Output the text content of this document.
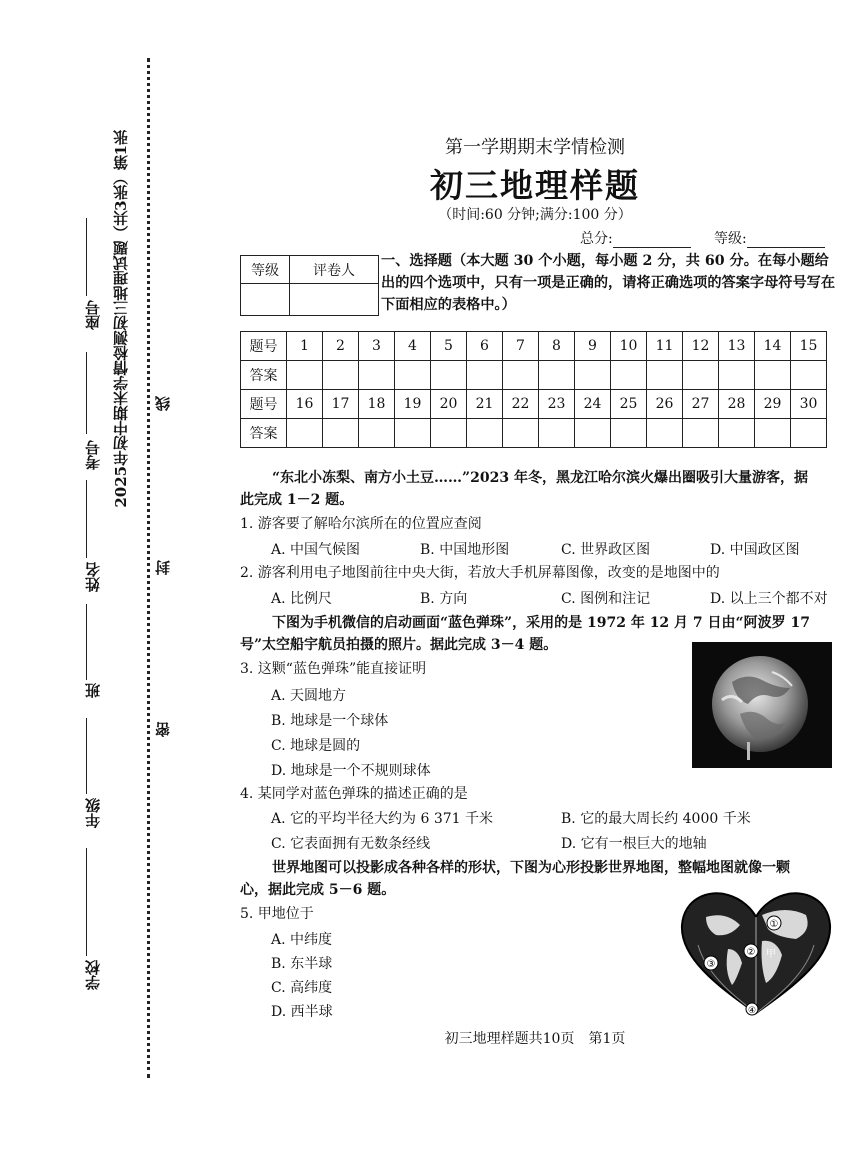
2025年初中期末学情检测初三地理试题（共3张）第1张 线
封
密
座号
考号
姓名
班
年级
学校
第一学期期末学情检测
初三地理样题
（时间:60 分钟;满分:100 分）
总分:	等级:
等级	评卷人

一、选择题（本大题 30 个小题，每小题 2 分，共 60 分。在每小题给出的四个选项中，只有一项是正确的，请将正确选项的答案字母符号写在下面相应的表格中。）
题号	1	2	3	4	5	6	7	8	9	10	11	12	13	14	15
答案															
题号	16	17	18	19	20	21	22	23	24	25	26	27	28	29	30
答案															
“东北小冻梨、南方小土豆……”2023 年冬，黑龙江哈尔滨火爆出圈吸引大量游客，据
此完成 1－2 题。
1. 游客要了解哈尔滨所在的位置应查阅
A. 中国气候图	B. 中国地形图	C. 世界政区图	D. 中国政区图
2. 游客利用电子地图前往中央大街，若放大手机屏幕图像，改变的是地图中的
A. 比例尺	B. 方向	C. 图例和注记	D. 以上三个都不对
下图为手机微信的启动画面“蓝色弹珠”，采用的是 1972 年 12 月 7 日由“阿波罗 17
号”太空船宇航员拍摄的照片。据此完成 3－4 题。
3. 这颗“蓝色弹珠”能直接证明
A. 天圆地方
B. 地球是一个球体
C. 地球是圆的
D. 地球是一个不规则球体
4. 某同学对蓝色弹珠的描述正确的是
A. 它的平均半径大约为 6 371 千米	B. 它的最大周长约 4000 千米
C. 它表面拥有无数条经线	D. 它有一根巨大的地轴
世界地图可以投影成各种各样的形状，下图为心形投影世界地图，整幅地图就像一颗
心，据此完成 5－6 题。
5. 甲地位于
A. 中纬度
B. 东半球
C. 高纬度
D. 西半球
①
②
③
④
甲
初三地理样题共10页　第1页
